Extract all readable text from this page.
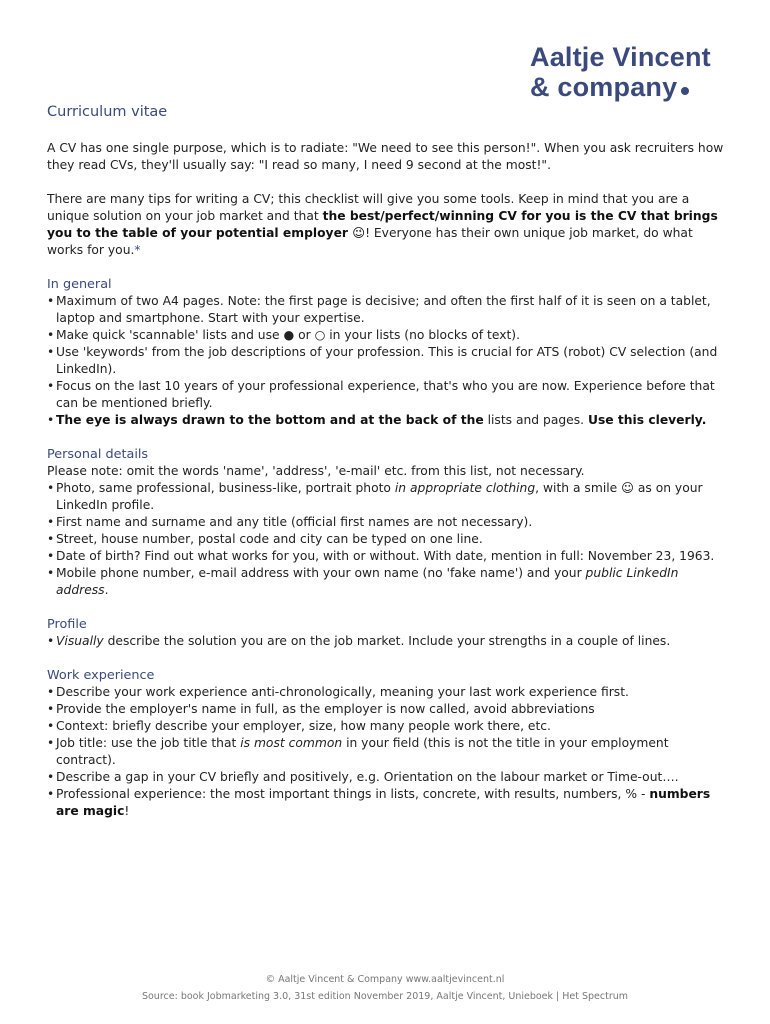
Aaltje Vincent
& company
Curriculum vitae

A CV has one single purpose, which is to radiate: "We need to see this person!". When you ask recruiters how they read CVs, they'll usually say: "I read so many, I need 9 second at the most!".

There are many tips for writing a CV; this checklist will give you some tools. Keep in mind that you are a unique solution on your job market and that the best/perfect/winning CV for you is the CV that brings you to the table of your potential employer 😉! Everyone has their own unique job market, do what works for you.*

In general
• Maximum of two A4 pages. Note: the first page is decisive; and often the first half of it is seen on a tablet, laptop and smartphone. Start with your expertise.
• Make quick 'scannable' lists and use ● or ○ in your lists (no blocks of text).
• Use 'keywords' from the job descriptions of your profession. This is crucial for ATS (robot) CV selection (and LinkedIn).
• Focus on the last 10 years of your professional experience, that's who you are now. Experience before that can be mentioned briefly.
• The eye is always drawn to the bottom and at the back of the lists and pages. Use this cleverly.
Personal details

Please note: omit the words 'name', 'address', 'e-mail' etc. from this list, not necessary.

• Photo, same professional, business-like, portrait photo in appropriate clothing, with a smile ☺ as on your LinkedIn profile.
• First name and surname and any title (official first names are not necessary).
• Street, house number, postal code and city can be typed on one line.
• Date of birth? Find out what works for you, with or without. With date, mention in full: November 23, 1963.
• Mobile phone number, e-mail address with your own name (no 'fake name') and your public LinkedIn address.
Profile
• Visually describe the solution you are on the job market. Include your strengths in a couple of lines.
Work experience
• Describe your work experience anti-chronologically, meaning your last work experience first.
• Provide the employer's name in full, as the employer is now called, avoid abbreviations
• Context: briefly describe your employer, size, how many people work there, etc.
• Job title: use the job title that is most common in your field (this is not the title in your employment contract).
• Describe a gap in your CV briefly and positively, e.g. Orientation on the labour market or Time-out….
• Professional experience: the most important things in lists, concrete, with results, numbers, % - numbers are magic!
© Aaltje Vincent & Company www.aaltjevincent.nl
Source: book Jobmarketing 3.0, 31st edition November 2019, Aaltje Vincent, Unieboek | Het Spectrum
